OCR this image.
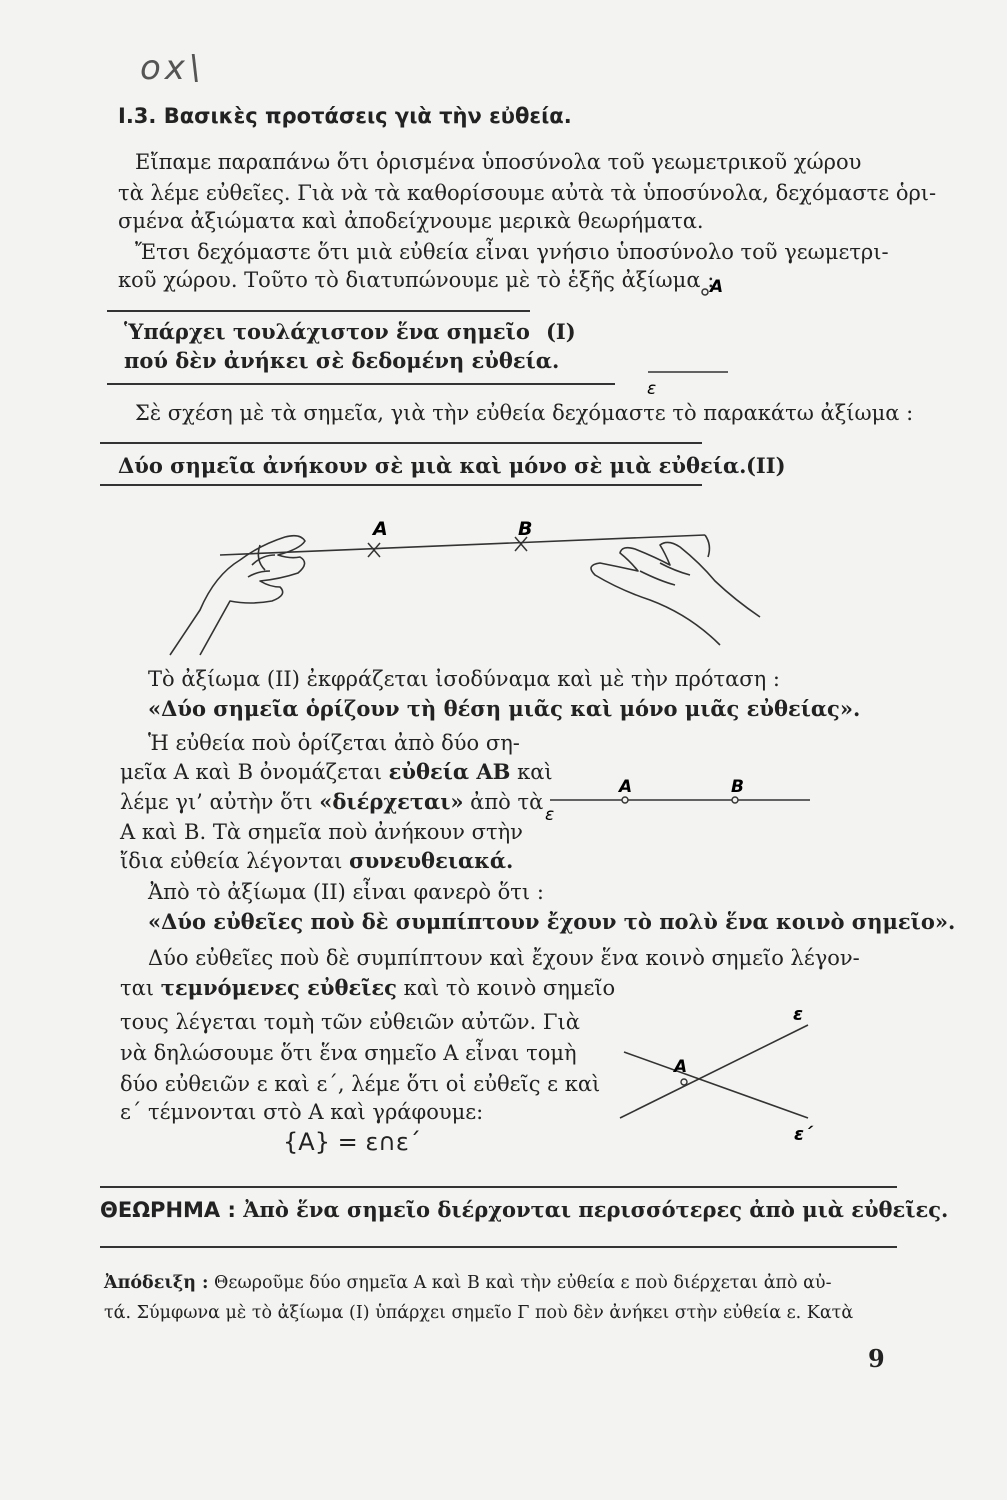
ox\
I.3. Βασικὲς προτάσεις γιὰ τὴν εὐθεία.
Εἴπαμε παραπάνω ὅτι ὁρισμένα ὑποσύνολα τοῦ γεωμετρικοῦ χώρου
τὰ λέμε εὐθεῖες. Γιὰ νὰ τὰ καθορίσουμε αὐτὰ τὰ ὑποσύνολα, δεχόμαστε ὁρι-
σμένα ἀξιώματα καὶ ἀποδείχνουμε μερικὰ θεωρήματα.
Ἔτσι δεχόμαστε ὅτι μιὰ εὐθεία εἶναι γνήσιο ὑποσύνολο τοῦ γεωμετρι-
κοῦ χώρου. Τοῦτο τὸ διατυπώνουμε μὲ τὸ ἑξῆς ἀξίωμα :
Ὑπάρχει τουλάχιστον ἕνα σημεῖο (I)
πού δὲν ἀνήκει σὲ δεδομένη εὐθεία.
A
ε
Σὲ σχέση μὲ τὰ σημεῖα, γιὰ τὴν εὐθεία δεχόμαστε τὸ παρακάτω ἀξίωμα :
Δύο σημεῖα ἀνήκουν σὲ μιὰ καὶ μόνο σὲ μιὰ εὐθεία. (II)
A	B
Τὸ ἀξίωμα (II) ἐκφράζεται ἰσοδύναμα καὶ μὲ τὴν πρόταση :
«Δύο σημεῖα ὁρίζουν τὴ θέση μιᾶς καὶ μόνο μιᾶς εὐθείας».
Ἡ εὐθεία ποὺ ὁρίζεται ἀπὸ δύο ση-
μεῖα A καὶ B ὀνομάζεται εὐθεία AB καὶ
λέμε γι’ αὐτὴν ὅτι «διέρχεται» ἀπὸ τὰ
A καὶ B. Τὰ σημεῖα ποὺ ἀνήκουν στὴν
ἴδια εὐθεία λέγονται συνευθειακά.
A	B
ε
Ἀπὸ τὸ ἀξίωμα (II) εἶναι φανερὸ ὅτι :
«Δύο εὐθεῖες ποὺ δὲ συμπίπτουν ἔχουν τὸ πολὺ ἕνα κοινὸ σημεῖο».
Δύο εὐθεῖες ποὺ δὲ συμπίπτουν καὶ ἔχουν ἕνα κοινὸ σημεῖο λέγον-
ται τεμνόμενες εὐθεῖες καὶ τὸ κοινὸ σημεῖο
τους λέγεται τομὴ τῶν εὐθειῶν αὐτῶν. Γιὰ
νὰ δηλώσουμε ὅτι ἕνα σημεῖο A εἶναι τομὴ
δύο εὐθειῶν ε καὶ ε΄, λέμε ὅτι οἱ εὐθεῖς ε καὶ
ε΄ τέμνονται στὸ A καὶ γράφουμε:
{A} = ε∩ε΄
A
ε
ε΄
ΘΕΩΡΗΜΑ : Ἀπὸ ἕνα σημεῖο διέρχονται περισσότερες ἀπὸ μιὰ εὐθεῖες.
Ἀπόδειξη : Θεωροῦμε δύο σημεῖα A καὶ B καὶ τὴν εὐθεία ε ποὺ διέρχεται ἀπὸ αὐ-
τά. Σύμφωνα μὲ τὸ ἀξίωμα (I) ὑπάρχει σημεῖο Γ ποὺ δὲν ἀνήκει στὴν εὐθεία ε. Κατὰ
9
